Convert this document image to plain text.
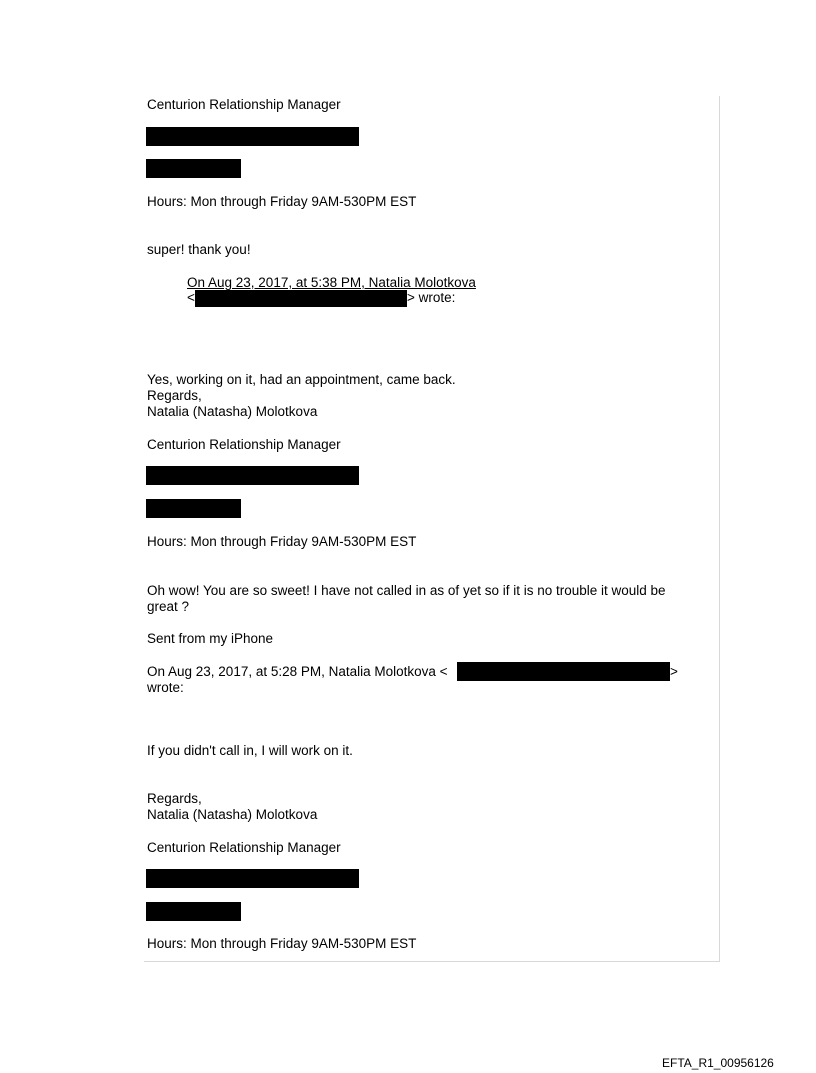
Centurion Relationship Manager
Hours: Mon through Friday 9AM-530PM EST
super! thank you!
On Aug 23, 2017, at 5:38 PM, Natalia Molotkova
<	> wrote:
Yes, working on it, had an appointment, came back.
Regards,
Natalia (Natasha) Molotkova
Centurion Relationship Manager
Hours: Mon through Friday 9AM-530PM EST
Oh wow! You are so sweet! I have not called in as of yet so if it is no trouble it would be
great ?
Sent from my iPhone
On Aug 23, 2017, at 5:28 PM, Natalia Molotkova <	>
wrote:
If you didn't call in, I will work on it.
Regards,
Natalia (Natasha) Molotkova
Centurion Relationship Manager
Hours: Mon through Friday 9AM-530PM EST
EFTA_R1_00956126
